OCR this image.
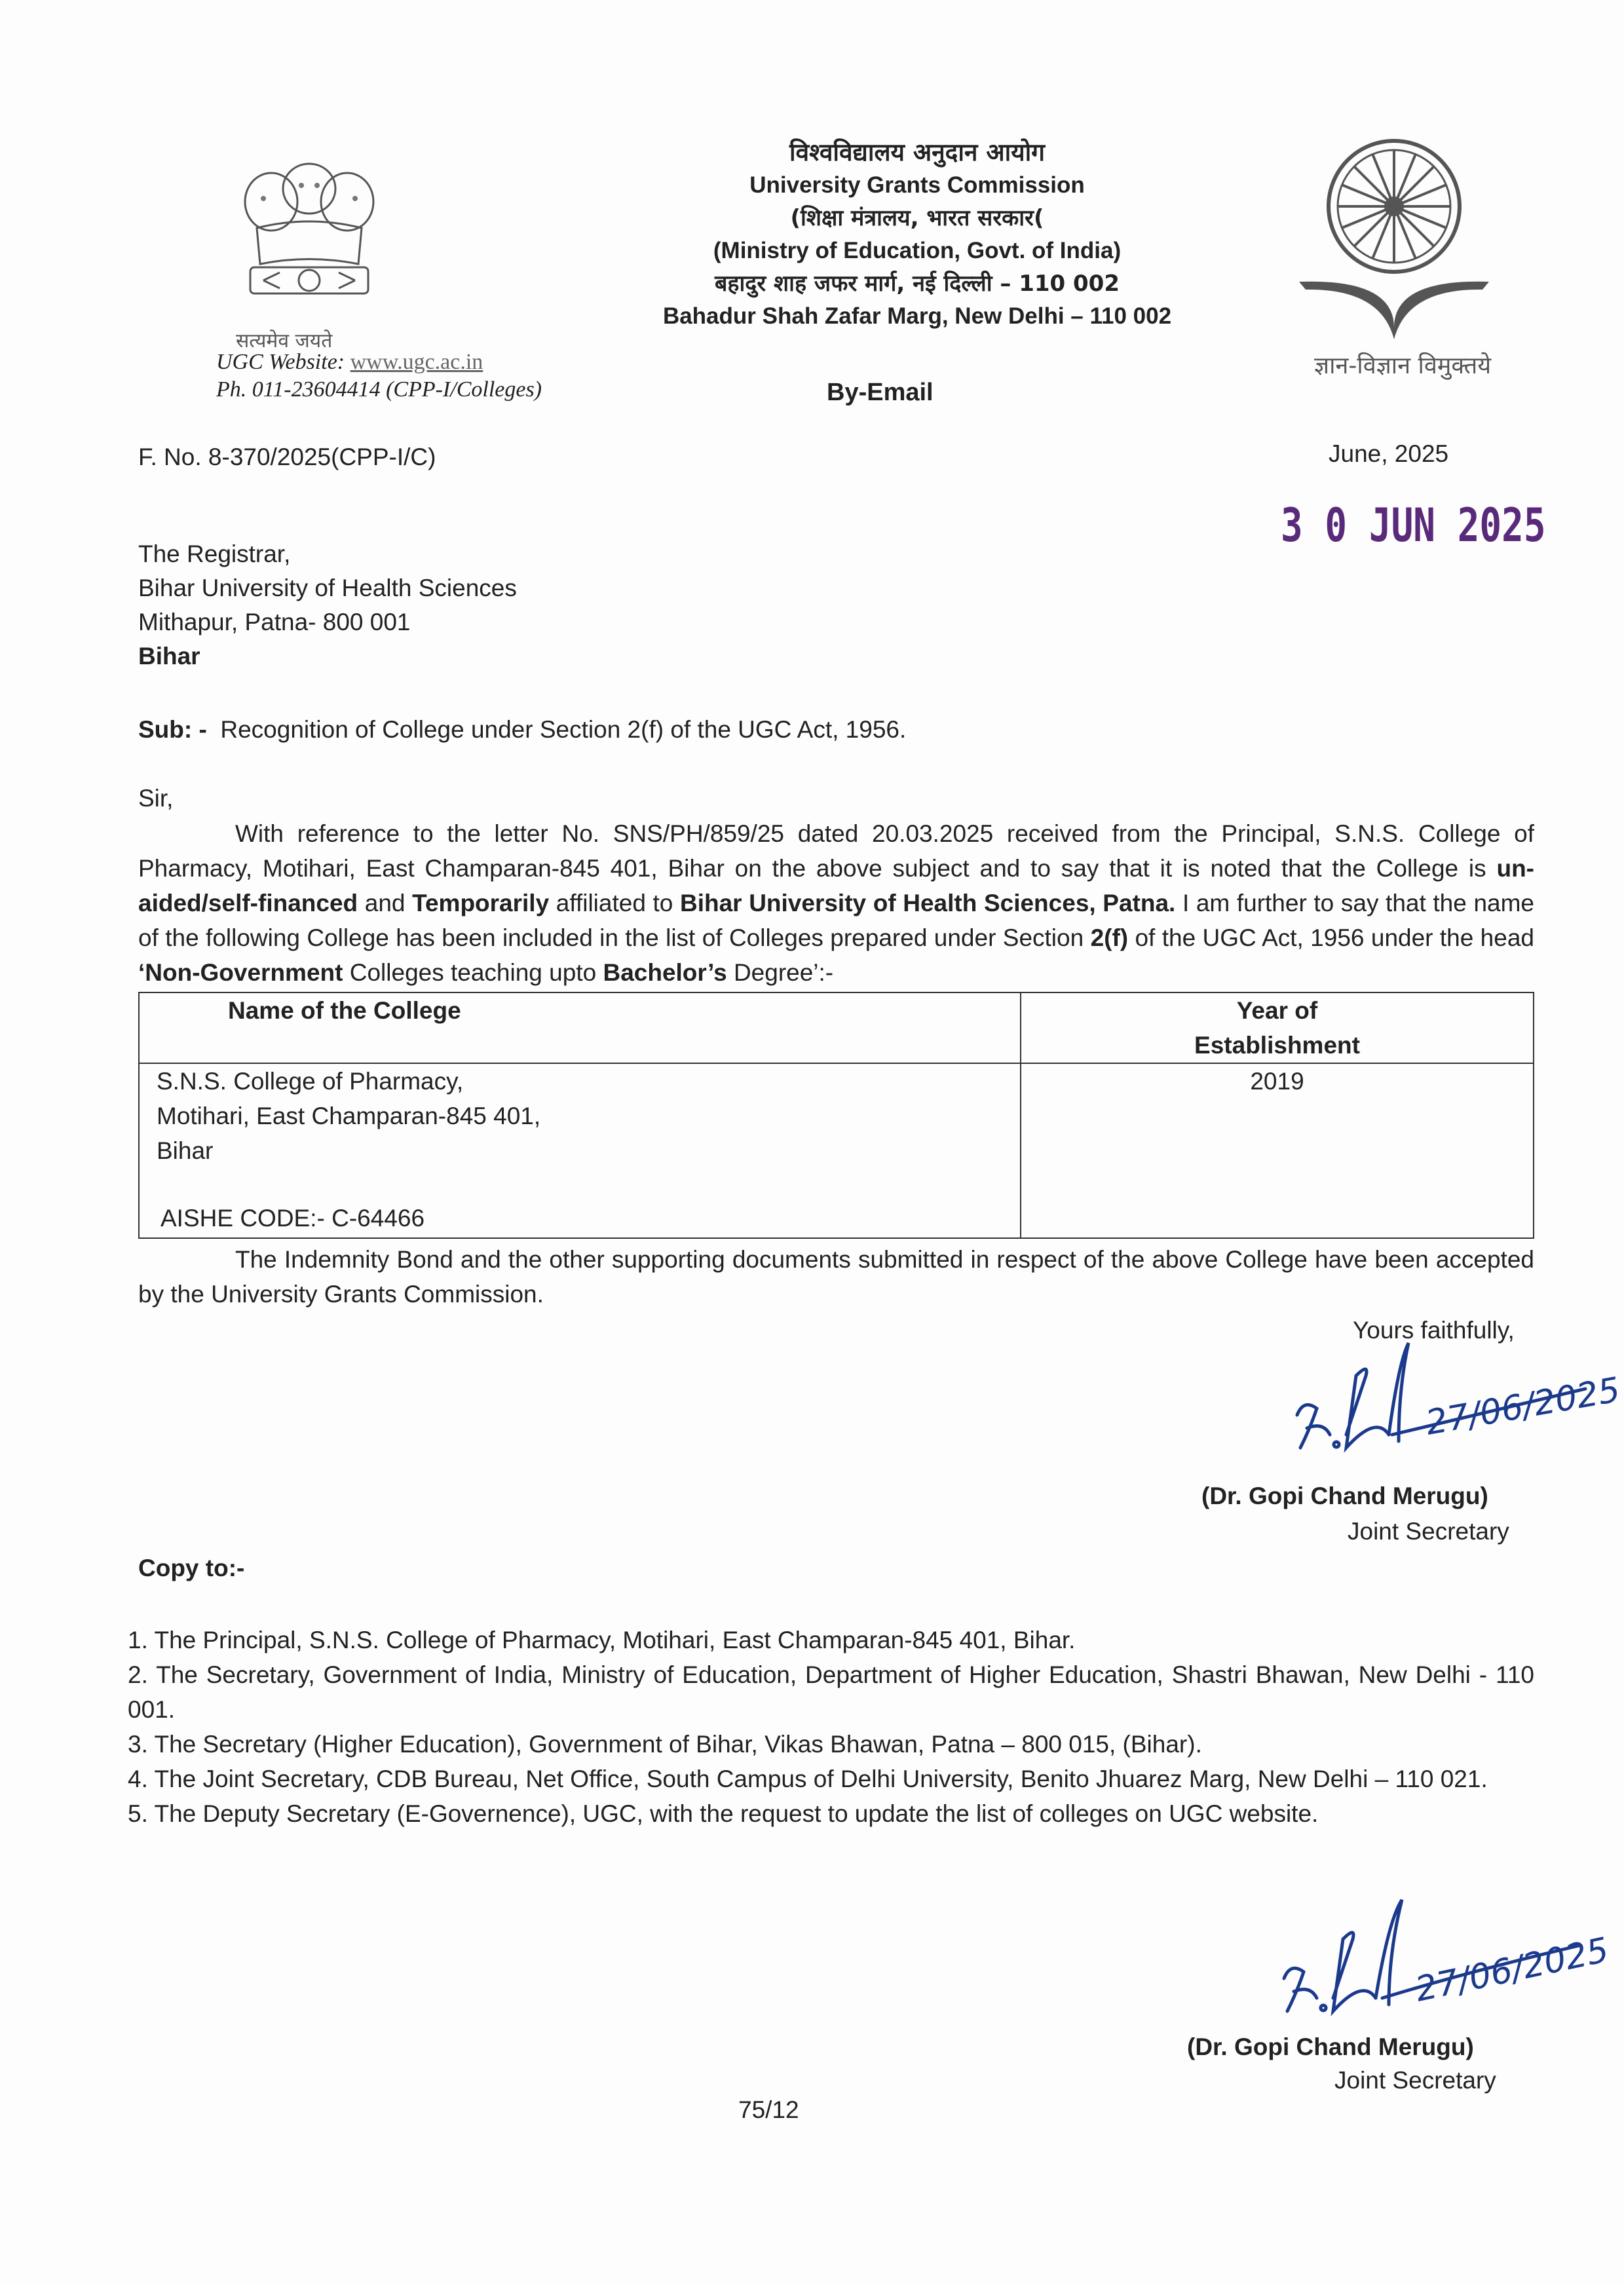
सत्यमेव जयते
UGC Website: www.ugc.ac.in
Ph. 011-23604414 (CPP-I/Colleges)
विश्वविद्यालय अनुदान आयोग
University Grants Commission
(शिक्षा मंत्रालय, भारत सरकार(
(Ministry of Education, Govt. of India)
बहादुर शाह जफर मार्ग, नई दिल्ली – 110 002
Bahadur Shah Zafar Marg, New Delhi – 110 002
By-Email
ज्ञान-विज्ञान विमुक्तये
F. No. 8-370/2025(CPP-I/C)	June, 2025
3 0 JUN 2025
The Registrar,
Bihar University of Health Sciences
Mithapur, Patna- 800 001
Bihar
Sub: - Recognition of College under Section 2(f) of the UGC Act, 1956.
Sir,
With reference to the letter No. SNS/PH/859/25 dated 20.03.2025 received from the Principal, S.N.S. College of Pharmacy, Motihari, East Champaran-845 401, Bihar on the above subject and to say that it is noted that the College is un-aided/self-financed and Temporarily affiliated to Bihar University of Health Sciences, Patna. I am further to say that the name of the following College has been included in the list of Colleges prepared under Section 2(f) of the UGC Act, 1956 under the head ‘Non-Government Colleges teaching upto Bachelor’s Degree’:-
Name of the College	Year of
Establishment

S.N.S. College of Pharmacy,
Motihari, East Champaran-845 401,
Bihar
AISHE CODE:- C-64466	2019
The Indemnity Bond and the other supporting documents submitted in respect of the above College have been accepted by the University Grants Commission.
Yours faithfully,
27/06/2025
(Dr. Gopi Chand Merugu)
Joint Secretary
Copy to:-
1. The Principal, S.N.S. College of Pharmacy, Motihari, East Champaran-845 401, Bihar.
2. The Secretary, Government of India, Ministry of Education, Department of Higher Education, Shastri Bhawan, New Delhi - 110 001.
3. The Secretary (Higher Education), Government of Bihar, Vikas Bhawan, Patna – 800 015, (Bihar).
4. The Joint Secretary, CDB Bureau, Net Office, South Campus of Delhi University, Benito Jhuarez Marg, New Delhi – 110 021.
5. The Deputy Secretary (E-Governence), UGC, with the request to update the list of colleges on UGC website.
27/06/2025
(Dr. Gopi Chand Merugu)
Joint Secretary
75/12
